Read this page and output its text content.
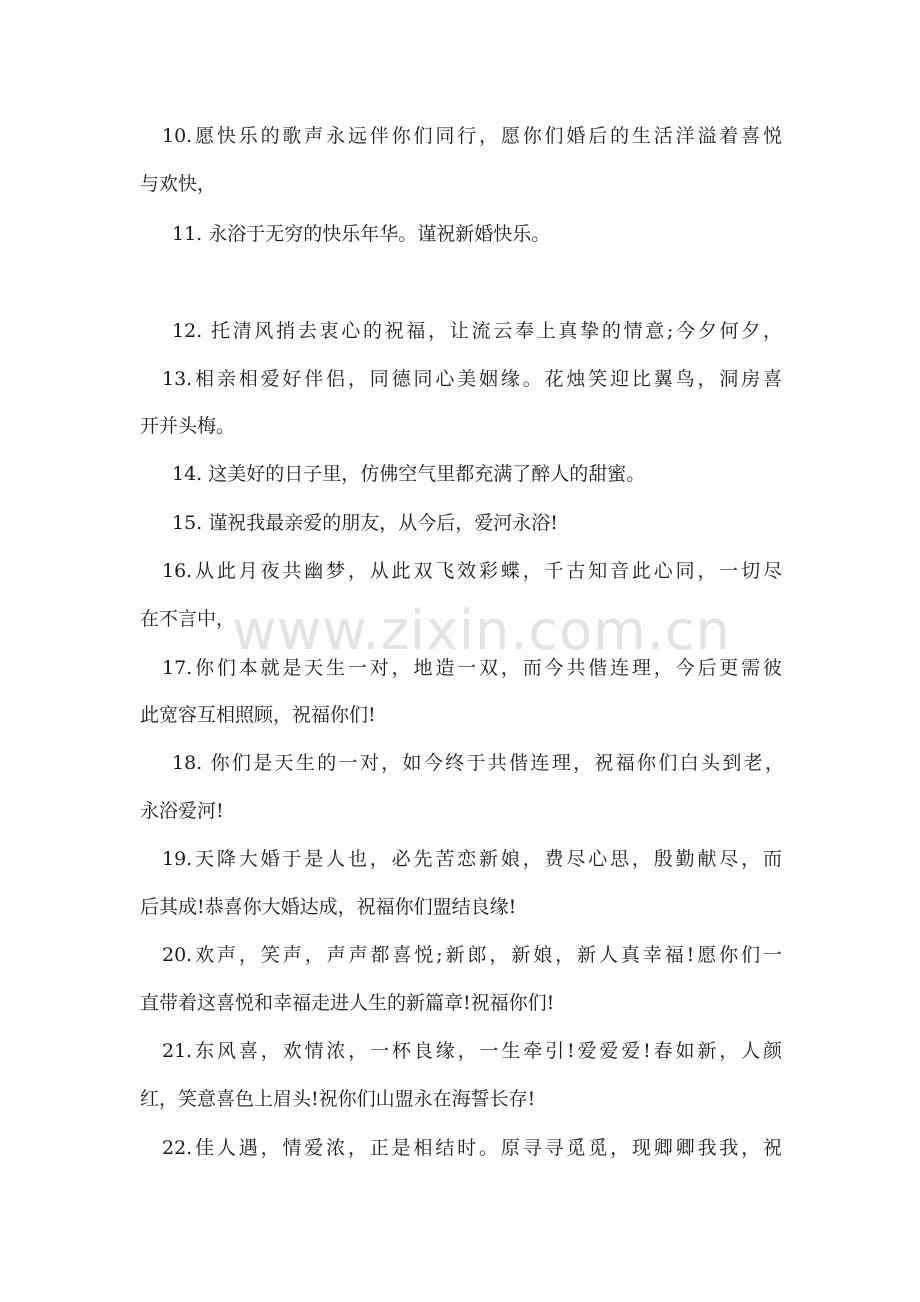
www.zixin.com.cn
10.愿快乐的歌声永远伴你们同行，愿你们婚后的生活洋溢着喜悦
与欢快，
11. 永浴于无穷的快乐年华。谨祝新婚快乐。
12. 托清风捎去衷心的祝福，让流云奉上真挚的情意;今夕何夕，
13.相亲相爱好伴侣，同德同心美姻缘。花烛笑迎比翼鸟，洞房喜
开并头梅。
14. 这美好的日子里，仿佛空气里都充满了醉人的甜蜜。
15. 谨祝我最亲爱的朋友，从今后，爱河永浴!
16.从此月夜共幽梦，从此双飞效彩蝶，千古知音此心同，一切尽
在不言中，
17.你们本就是天生一对，地造一双，而今共偕连理，今后更需彼
此宽容互相照顾，祝福你们!
18. 你们是天生的一对，如今终于共偕连理，祝福你们白头到老，
永浴爱河!
19.天降大婚于是人也，必先苦恋新娘，费尽心思，殷勤献尽，而
后其成!恭喜你大婚达成，祝福你们盟结良缘!
20.欢声，笑声，声声都喜悦;新郎，新娘，新人真幸福!愿你们一
直带着这喜悦和幸福走进人生的新篇章!祝福你们!
21.东风喜，欢情浓，一杯良缘，一生牵引!爱爱爱!春如新，人颜
红，笑意喜色上眉头!祝你们山盟永在海誓长存!
22.佳人遇，情爱浓，正是相结时。原寻寻觅觅，现卿卿我我，祝
